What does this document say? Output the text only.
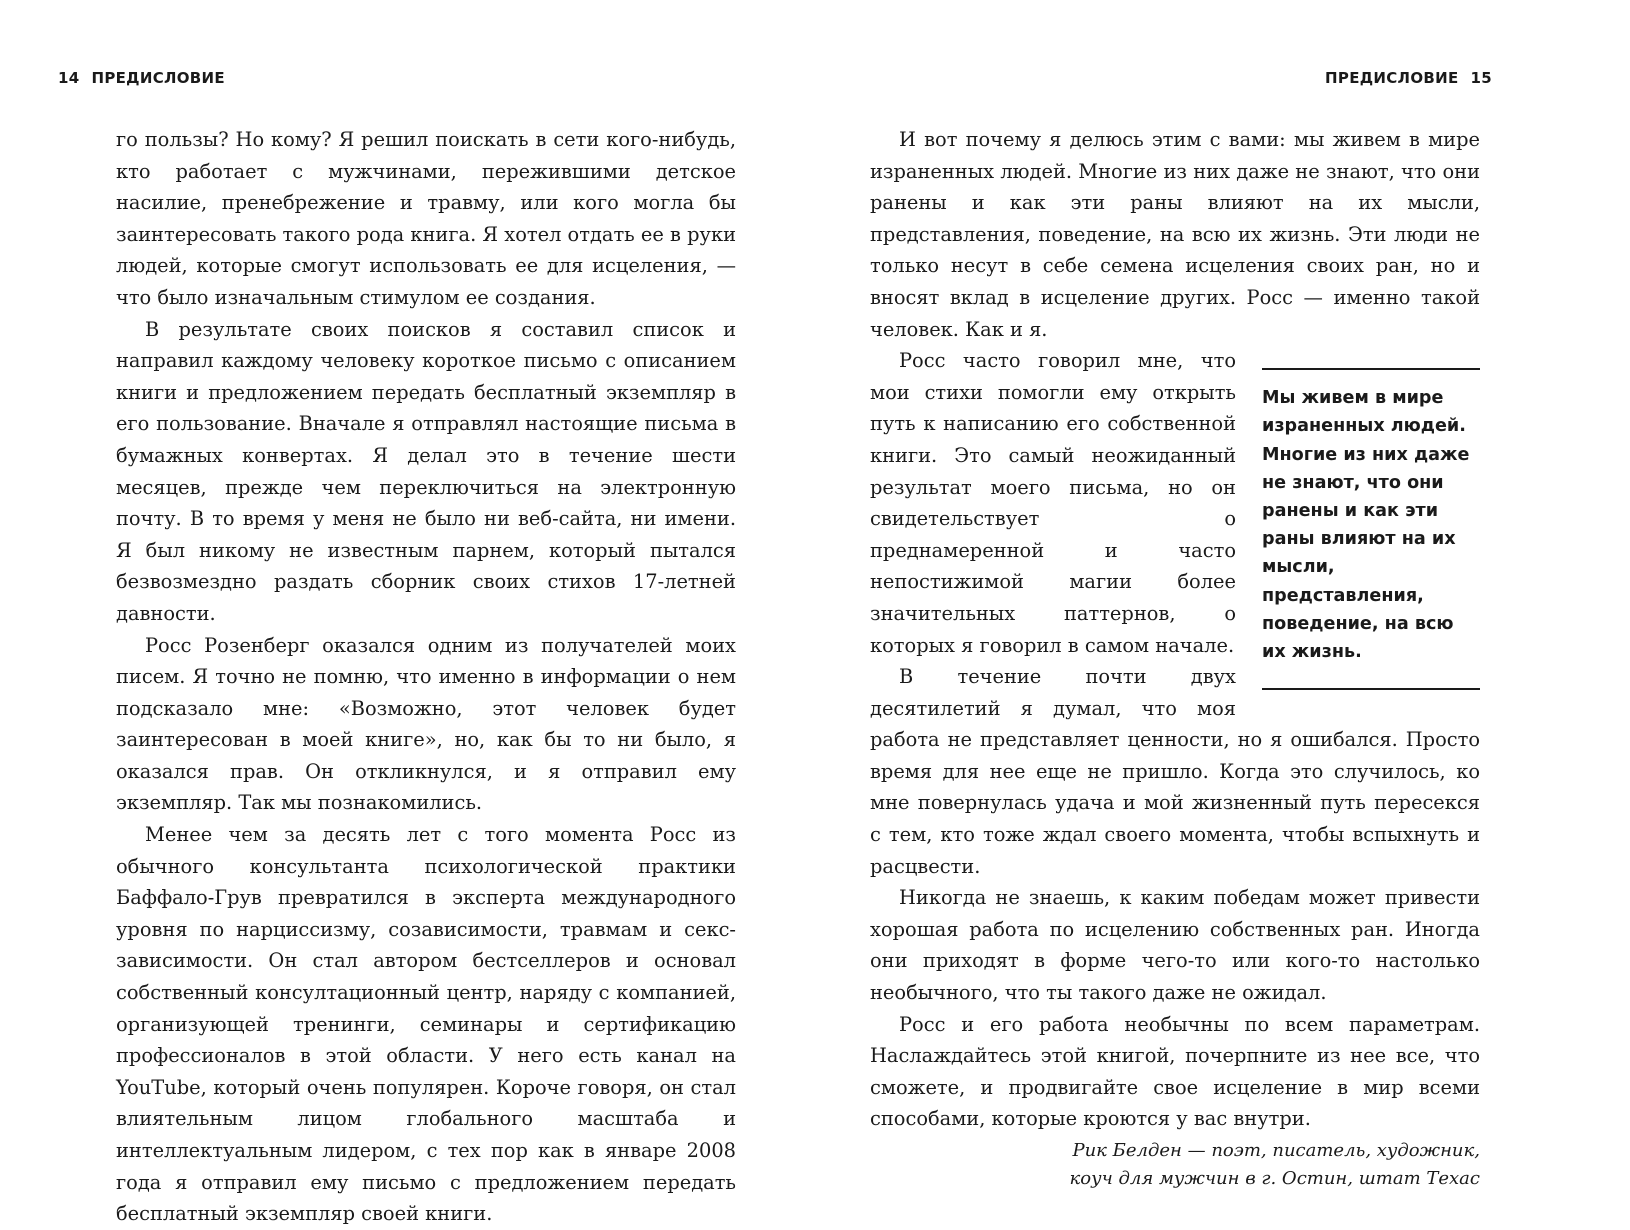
14 ПРЕДИСЛОВИЕ	ПРЕДИСЛОВИЕ 15

го пользы? Но кому? Я решил поискать в сети кого-нибудь, кто работает с мужчинами, пережившими детское насилие, пренебрежение и травму, или кого могла бы заинтересовать такого рода книга. Я хотел отдать ее в руки людей, которые смогут использовать ее для исцеления, — что было изначальным стимулом ее создания.

В результате своих поисков я составил список и направил каждому человеку короткое письмо с описанием книги и предложением передать бесплатный экземпляр в его пользование. Вначале я отправлял настоящие письма в бумажных конвертах. Я делал это в течение шести месяцев, прежде чем переключиться на электронную почту. В то время у меня не было ни веб-сайта, ни имени. Я был никому не известным парнем, который пытался безвозмездно раздать сборник своих стихов 17-летней давности.

Росс Розенберг оказался одним из получателей моих писем. Я точно не помню, что именно в информации о нем подсказало мне: «Возможно, этот человек будет заинтересован в моей книге», но, как бы то ни было, я оказался прав. Он откликнулся, и я отправил ему экземпляр. Так мы познакомились.

Менее чем за десять лет с того момента Росс из обычного консультанта психологической практики Баффало-Грув превратился в эксперта международного уровня по нарциссизму, созависимости, травмам и секс-зависимости. Он стал автором бестселлеров и основал собственный консултационный центр, наряду с компанией, организующей тренинги, семинары и сертификацию профессионалов в этой области. У него есть канал на YouTube, который очень популярен. Короче говоря, он стал влиятельным лицом глобального масштаба и интеллектуальным лидером, с тех пор как в январе 2008 года я отправил ему письмо с предложением передать бесплатный экземпляр своей книги.

И вот почему я делюсь этим с вами: мы живем в мире израненных людей. Многие из них даже не знают, что они ранены и как эти раны влияют на их мысли, представления, поведение, на всю их жизнь. Эти люди не только несут в себе семена исцеления своих ран, но и вносят вклад в исцеление других. Росс — именно такой человек. Как и я.

Мы живем в мире израненных людей. Многие из них даже не знают, что они ранены и как эти раны влияют на их мысли, представления, поведение, на всю их жизнь.

Росс часто говорил мне, что мои стихи помогли ему открыть путь к написанию его собственной книги. Это самый неожиданный результат моего письма, но он свидетельствует о преднамеренной и часто непостижимой магии более значительных паттернов, о которых я говорил в самом начале.

В течение почти двух десятилетий я думал, что моя работа не представляет ценности, но я ошибался. Просто время для нее еще не пришло. Когда это случилось, ко мне повернулась удача и мой жизненный путь пересекся с тем, кто тоже ждал своего момента, чтобы вспыхнуть и расцвести.

Никогда не знаешь, к каким победам может привести хорошая работа по исцелению собственных ран. Иногда они приходят в форме чего-то или кого-то настолько необычного, что ты такого даже не ожидал.

Росс и его работа необычны по всем параметрам. Наслаждайтесь этой книгой, почерпните из нее все, что сможете, и продвигайте свое исцеление в мир всеми способами, которые кроются у вас внутри.

Рик Белден — поэт, писатель, художник,
коуч для мужчин в г. Остин, штат Техас
